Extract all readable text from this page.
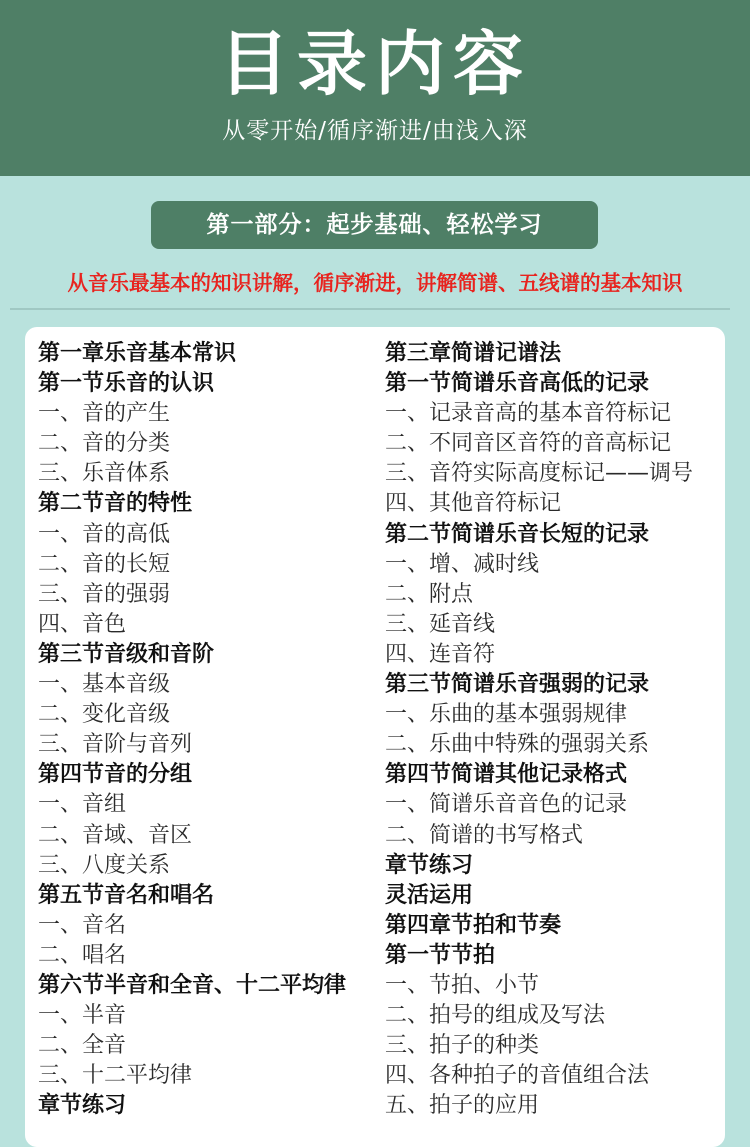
目录内容
从零开始/循序渐进/由浅入深
第一部分：起步基础、轻松学习
从音乐最基本的知识讲解，循序渐进，讲解简谱、五线谱的基本知识
第一章乐音基本常识
第一节乐音的认识
一、音的产生
二、音的分类
三、乐音体系
第二节音的特性
一、音的高低
二、音的长短
三、音的强弱
四、音色
第三节音级和音阶
一、基本音级
二、变化音级
三、音阶与音列
第四节音的分组
一、音组
二、音域、音区
三、八度关系
第五节音名和唱名
一、音名
二、唱名
第六节半音和全音、十二平均律
一、半音
二、全音
三、十二平均律
章节练习
第三章简谱记谱法
第一节简谱乐音高低的记录
一、记录音高的基本音符标记
二、不同音区音符的音高标记
三、音符实际高度标记——调号
四、其他音符标记
第二节简谱乐音长短的记录
一、增、减时线
二、附点
三、延音线
四、连音符
第三节简谱乐音强弱的记录
一、乐曲的基本强弱规律
二、乐曲中特殊的强弱关系
第四节简谱其他记录格式
一、简谱乐音音色的记录
二、简谱的书写格式
章节练习
灵活运用
第四章节拍和节奏
第一节节拍
一、节拍、小节
二、拍号的组成及写法
三、拍子的种类
四、各种拍子的音值组合法
五、拍子的应用
